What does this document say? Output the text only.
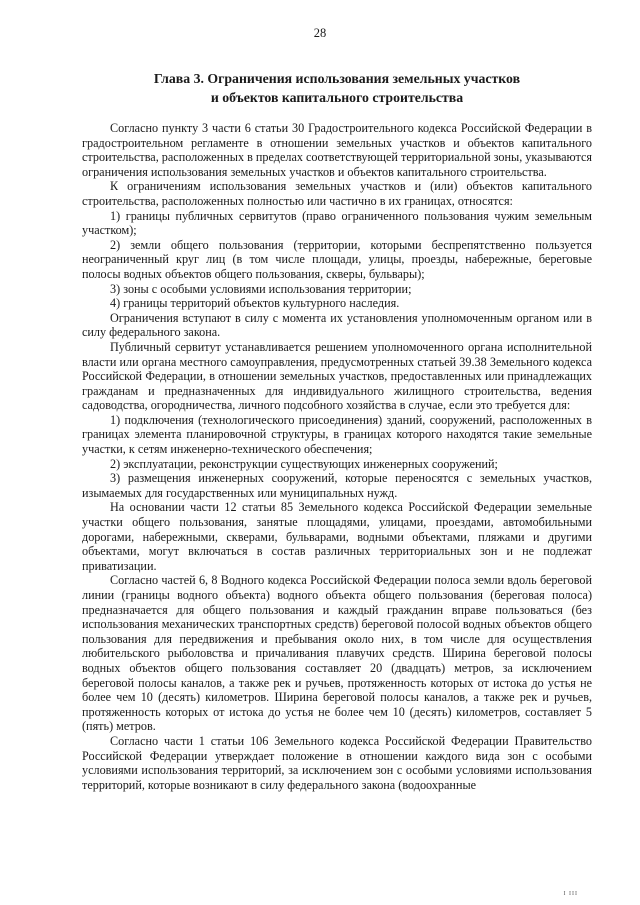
28
Глава 3. Ограничения использования земельных участков
и объектов капитального строительства

Согласно пункту 3 части 6 статьи 30 Градостроительного кодекса Российской Федерации в градостроительном регламенте в отношении земельных участков и объектов капитального строительства, расположенных в пределах соответствующей территориальной зоны, указываются ограничения использования земельных участков и объектов капитального строительства.

К ограничениям использования земельных участков и (или) объектов капитального строительства, расположенных полностью или частично в их границах, относятся:

1) границы публичных сервитутов (право ограниченного пользования чужим земельным участком);

2) земли общего пользования (территории, которыми беспрепятственно пользуется неограниченный круг лиц (в том числе площади, улицы, проезды, набережные, береговые полосы водных объектов общего пользования, скверы, бульвары);

3) зоны с особыми условиями использования территории;

4) границы территорий объектов культурного наследия.

Ограничения вступают в силу с момента их установления уполномоченным органом или в силу федерального закона.

Публичный сервитут устанавливается решением уполномоченного органа исполнительной власти или органа местного самоуправления, предусмотренных статьей 39.38 Земельного кодекса Российской Федерации, в отношении земельных участков, предоставленных или принадлежащих гражданам и предназначенных для индивидуального жилищного строительства, ведения садоводства, огородничества, личного подсобного хозяйства в случае, если это требуется для:

1) подключения (технологического присоединения) зданий, сооружений, расположенных в границах элемента планировочной структуры, в границах которого находятся такие земельные участки, к сетям инженерно-технического обеспечения;

2) эксплуатации, реконструкции существующих инженерных сооружений;

3) размещения инженерных сооружений, которые переносятся с земельных участков, изымаемых для государственных или муниципальных нужд.

На основании части 12 статьи 85 Земельного кодекса Российской Федерации земельные участки общего пользования, занятые площадями, улицами, проездами, автомобильными дорогами, набережными, скверами, бульварами, водными объектами, пляжами и другими объектами, могут включаться в состав различных территориальных зон и не подлежат приватизации.

Согласно частей 6, 8 Водного кодекса Российской Федерации полоса земли вдоль береговой линии (границы водного объекта) водного объекта общего пользования (береговая полоса) предназначается для общего пользования и каждый гражданин вправе пользоваться (без использования механических транспортных средств) береговой полосой водных объектов общего пользования для передвижения и пребывания около них, в том числе для осуществления любительского рыболовства и причаливания плавучих средств. Ширина береговой полосы водных объектов общего пользования составляет 20 (двадцать) метров, за исключением береговой полосы каналов, а также рек и ручьев, протяженность которых от истока до устья не более чем 10 (десять) километров. Ширина береговой полосы каналов, а также рек и ручьев, протяженность которых от истока до устья не более чем 10 (десять) километров, составляет 5 (пять) метров.

Согласно части 1 статьи 106 Земельного кодекса Российской Федерации Правительство Российской Федерации утверждает положение в отношении каждого вида зон с особыми условиями использования территорий, за исключением зон с особыми условиями использования территорий, которые возникают в силу федерального закона (водоохранные

I III
